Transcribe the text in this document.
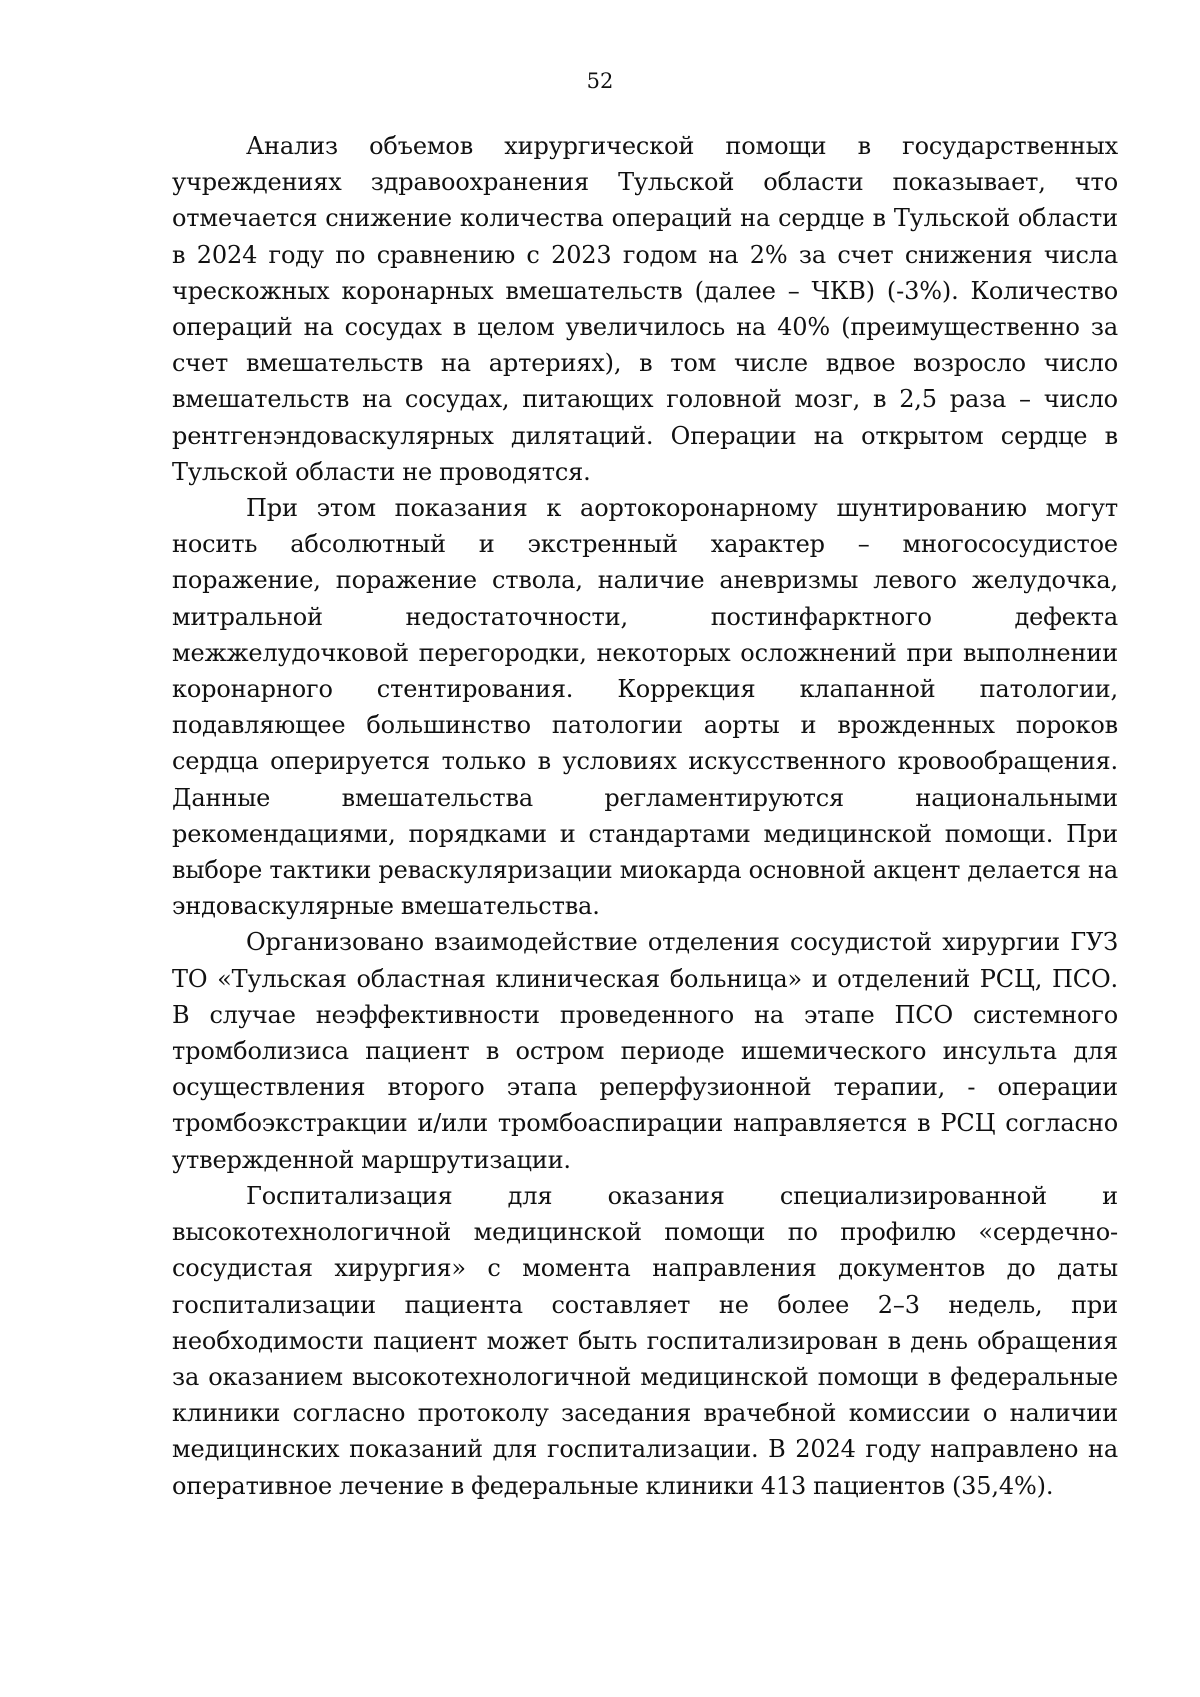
52

Анализ объемов хирургической помощи в государственных учреждениях здравоохранения Тульской области показывает, что отмечается снижение количества операций на сердце в Тульской области в 2024 году по сравнению с 2023 годом на 2% за счет снижения числа чрескожных коронарных вмешательств (далее – ЧКВ) (-3%). Количество операций на сосудах в целом увеличилось на 40% (преимущественно за счет вмешательств на артериях), в том числе вдвое возросло число вмешательств на сосудах, питающих головной мозг, в 2,5 раза – число рентгенэндоваскулярных дилятаций. Операции на открытом сердце в Тульской области не проводятся.

При этом показания к аортокоронарному шунтированию могут носить абсолютный и экстренный характер – многососудистое поражение, поражение ствола, наличие аневризмы левого желудочка, митральной недостаточности, постинфарктного дефекта межжелудочковой перегородки, некоторых осложнений при выполнении коронарного стентирования. Коррекция клапанной патологии, подавляющее большинство патологии аорты и врожденных пороков сердца оперируется только в условиях искусственного кровообращения. Данные вмешательства регламентируются национальными рекомендациями, порядками и стандартами медицинской помощи. При выборе тактики реваскуляризации миокарда основной акцент делается на эндоваскулярные вмешательства.

Организовано взаимодействие отделения сосудистой хирургии ГУЗ ТО «Тульская областная клиническая больница» и отделений РСЦ, ПСО. В случае неэффективности проведенного на этапе ПСО системного тромболизиса пациент в остром периоде ишемического инсульта для осуществления второго этапа реперфузионной терапии, - операции тромбоэкстракции и/или тромбоаспирации направляется в РСЦ согласно утвержденной маршрутизации.

Госпитализация для оказания специализированной и высокотехнологичной медицинской помощи по профилю «сердечно-сосудистая хирургия» с момента направления документов до даты госпитализации пациента составляет не более 2–3 недель, при необходимости пациент может быть госпитализирован в день обращения за оказанием высокотехнологичной медицинской помощи в федеральные клиники согласно протоколу заседания врачебной комиссии о наличии медицинских показаний для госпитализации. В 2024 году направлено на оперативное лечение в федеральные клиники 413 пациентов (35,4%).
